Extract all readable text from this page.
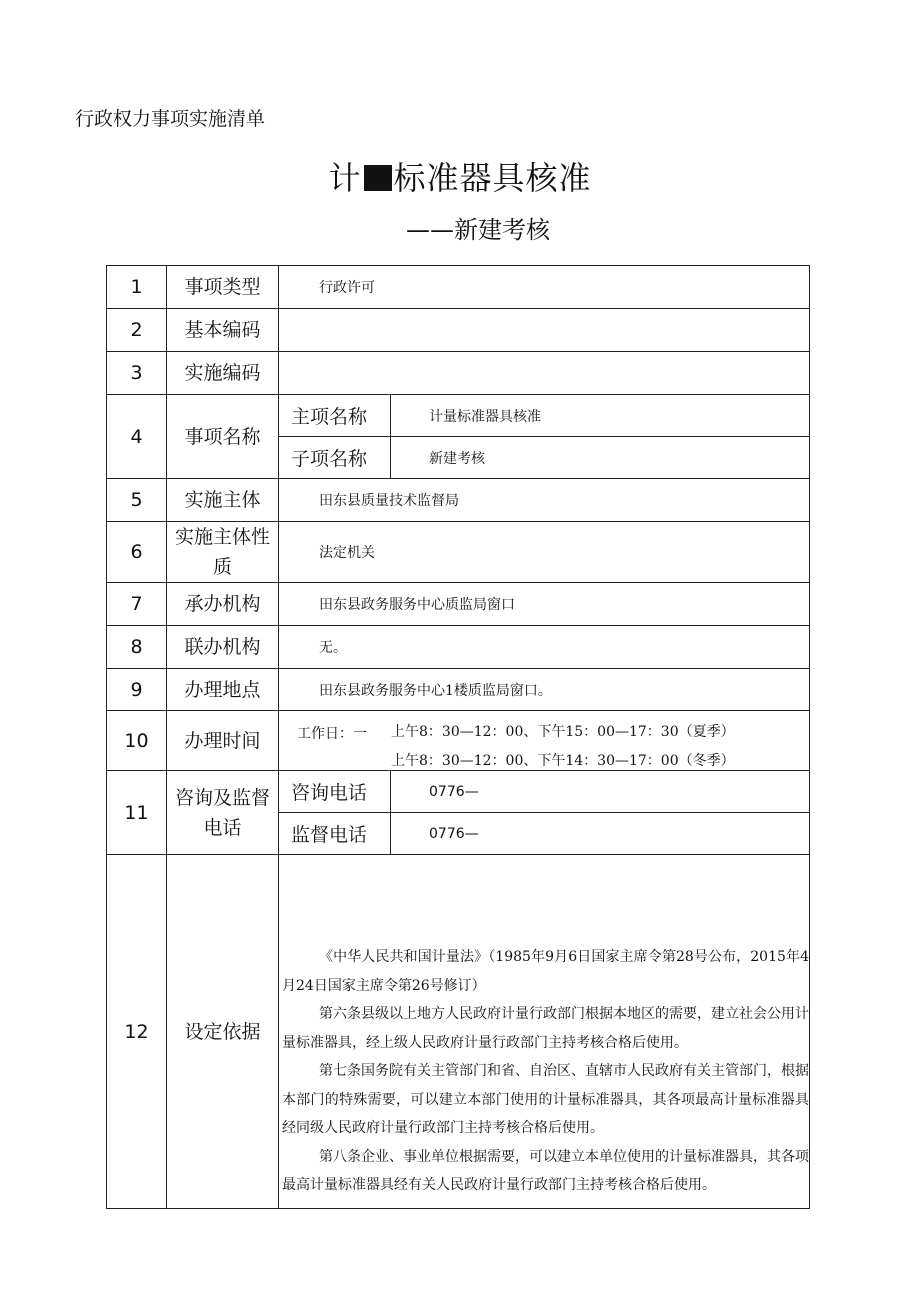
行政权力事项实施清单
计 标准器具核准
——新建考核
1	事项类型	行政许可	
2	基本编码		
3	实施编码		
4	事项名称	主项名称	计量标准器具核准
		子项名称	新建考核
5	实施主体	田东县质量技术监督局	
6	实施主体性质	法定机关	
7	承办机构	田东县政务服务中心质监局窗口	
8	联办机构	无。	
9	办理地点	田东县政务服务中心1楼质监局窗口。	
10	办理时间	工作日：一 上午8：30—12：00、下午15：00—17：30（夏季）
上午8：30—12：00、下午14：30—17：00（冬季）	

11	咨询及监督电话	咨询电话	0776—
		监督电话	0776—
12	设定依据	《中华人民共和国计量法》（1985年9月6日国家主席令第28号公布，2015年4月24日国家主席令第26号修订）

第六条县级以上地方人民政府计量行政部门根据本地区的需要，建立社会公用计量标准器具，经上级人民政府计量行政部门主持考核合格后使用。

第七条国务院有关主管部门和省、自治区、直辖市人民政府有关主管部门，根据本部门的特殊需要，可以建立本部门使用的计量标准器具，其各项最高计量标准器具经同级人民政府计量行政部门主持考核合格后使用。

第八条企业、事业单位根据需要，可以建立本单位使用的计量标准器具，其各项最高计量标准器具经有关人民政府计量行政部门主持考核合格后使用。	
